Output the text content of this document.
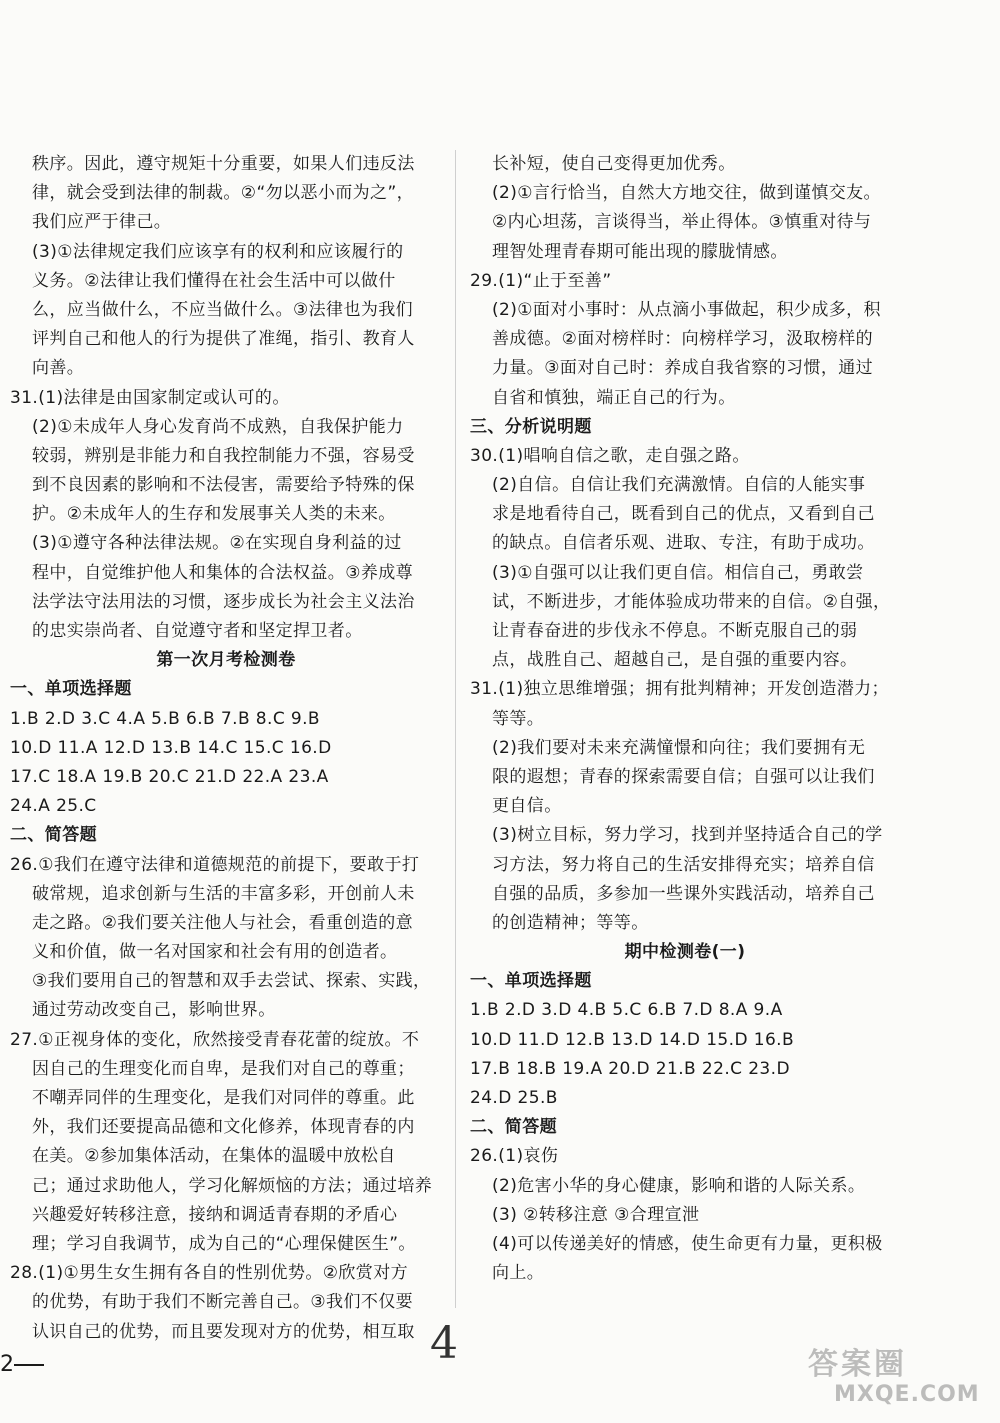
秩序。因此，遵守规矩十分重要，如果人们违反法
律，就会受到法律的制裁。②“勿以恶小而为之”，
我们应严于律己。
(3)①法律规定我们应该享有的权利和应该履行的
义务。②法律让我们懂得在社会生活中可以做什
么，应当做什么，不应当做什么。③法律也为我们
评判自己和他人的行为提供了准绳，指引、教育人
向善。
31.(1)法律是由国家制定或认可的。
(2)①未成年人身心发育尚不成熟，自我保护能力
较弱，辨别是非能力和自我控制能力不强，容易受
到不良因素的影响和不法侵害，需要给予特殊的保
护。②未成年人的生存和发展事关人类的未来。
(3)①遵守各种法律法规。②在实现自身利益的过
程中，自觉维护他人和集体的合法权益。③养成尊
法学法守法用法的习惯，逐步成长为社会主义法治
的忠实崇尚者、自觉遵守者和坚定捍卫者。
第一次月考检测卷
一、单项选择题
1.B 2.D 3.C 4.A 5.B 6.B 7.B 8.C 9.B
10.D 11.A 12.D 13.B 14.C 15.C 16.D
17.C 18.A 19.B 20.C 21.D 22.A 23.A
24.A 25.C
二、简答题
26.①我们在遵守法律和道德规范的前提下，要敢于打
破常规，追求创新与生活的丰富多彩，开创前人未
走之路。②我们要关注他人与社会，看重创造的意
义和价值，做一名对国家和社会有用的创造者。
③我们要用自己的智慧和双手去尝试、探索、实践，
通过劳动改变自己，影响世界。
27.①正视身体的变化，欣然接受青春花蕾的绽放。不
因自己的生理变化而自卑，是我们对自己的尊重；
不嘲弄同伴的生理变化，是我们对同伴的尊重。此
外，我们还要提高品德和文化修养，体现青春的内
在美。②参加集体活动，在集体的温暖中放松自
己；通过求助他人，学习化解烦恼的方法；通过培养
兴趣爱好转移注意，接纳和调适青春期的矛盾心
理；学习自我调节，成为自己的“心理保健医生”。
28.(1)①男生女生拥有各自的性别优势。②欣赏对方
的优势，有助于我们不断完善自己。③我们不仅要
认识自己的优势，而且要发现对方的优势，相互取
长补短，使自己变得更加优秀。
(2)①言行恰当，自然大方地交往，做到谨慎交友。
②内心坦荡，言谈得当，举止得体。③慎重对待与
理智处理青春期可能出现的朦胧情感。
29.(1)“止于至善”
(2)①面对小事时：从点滴小事做起，积少成多，积
善成德。②面对榜样时：向榜样学习，汲取榜样的
力量。③面对自己时：养成自我省察的习惯，通过
自省和慎独，端正自己的行为。
三、分析说明题
30.(1)唱响自信之歌，走自强之路。
(2)自信。自信让我们充满激情。自信的人能实事
求是地看待自己，既看到自己的优点，又看到自己
的缺点。自信者乐观、进取、专注，有助于成功。
(3)①自强可以让我们更自信。相信自己，勇敢尝
试，不断进步，才能体验成功带来的自信。②自强，
让青春奋进的步伐永不停息。不断克服自己的弱
点，战胜自己、超越自己，是自强的重要内容。
31.(1)独立思维增强；拥有批判精神；开发创造潜力；
等等。
(2)我们要对未来充满憧憬和向往；我们要拥有无
限的遐想；青春的探索需要自信；自强可以让我们
更自信。
(3)树立目标，努力学习，找到并坚持适合自己的学
习方法，努力将自己的生活安排得充实；培养自信
自强的品质，多参加一些课外实践活动，培养自己
的创造精神；等等。
期中检测卷(一)
一、单项选择题
1.B 2.D 3.D 4.B 5.C 6.B 7.D 8.A 9.A
10.D 11.D 12.B 13.D 14.D 15.D 16.B
17.B 18.B 19.A 20.D 21.B 22.C 23.D
24.D 25.B
二、简答题
26.(1)哀伤
(2)危害小华的身心健康，影响和谐的人际关系。
(3) ②转移注意 ③合理宣泄
(4)可以传递美好的情感，使生命更有力量，更积极
向上。
2	4	答案圈
MXQE.COM
